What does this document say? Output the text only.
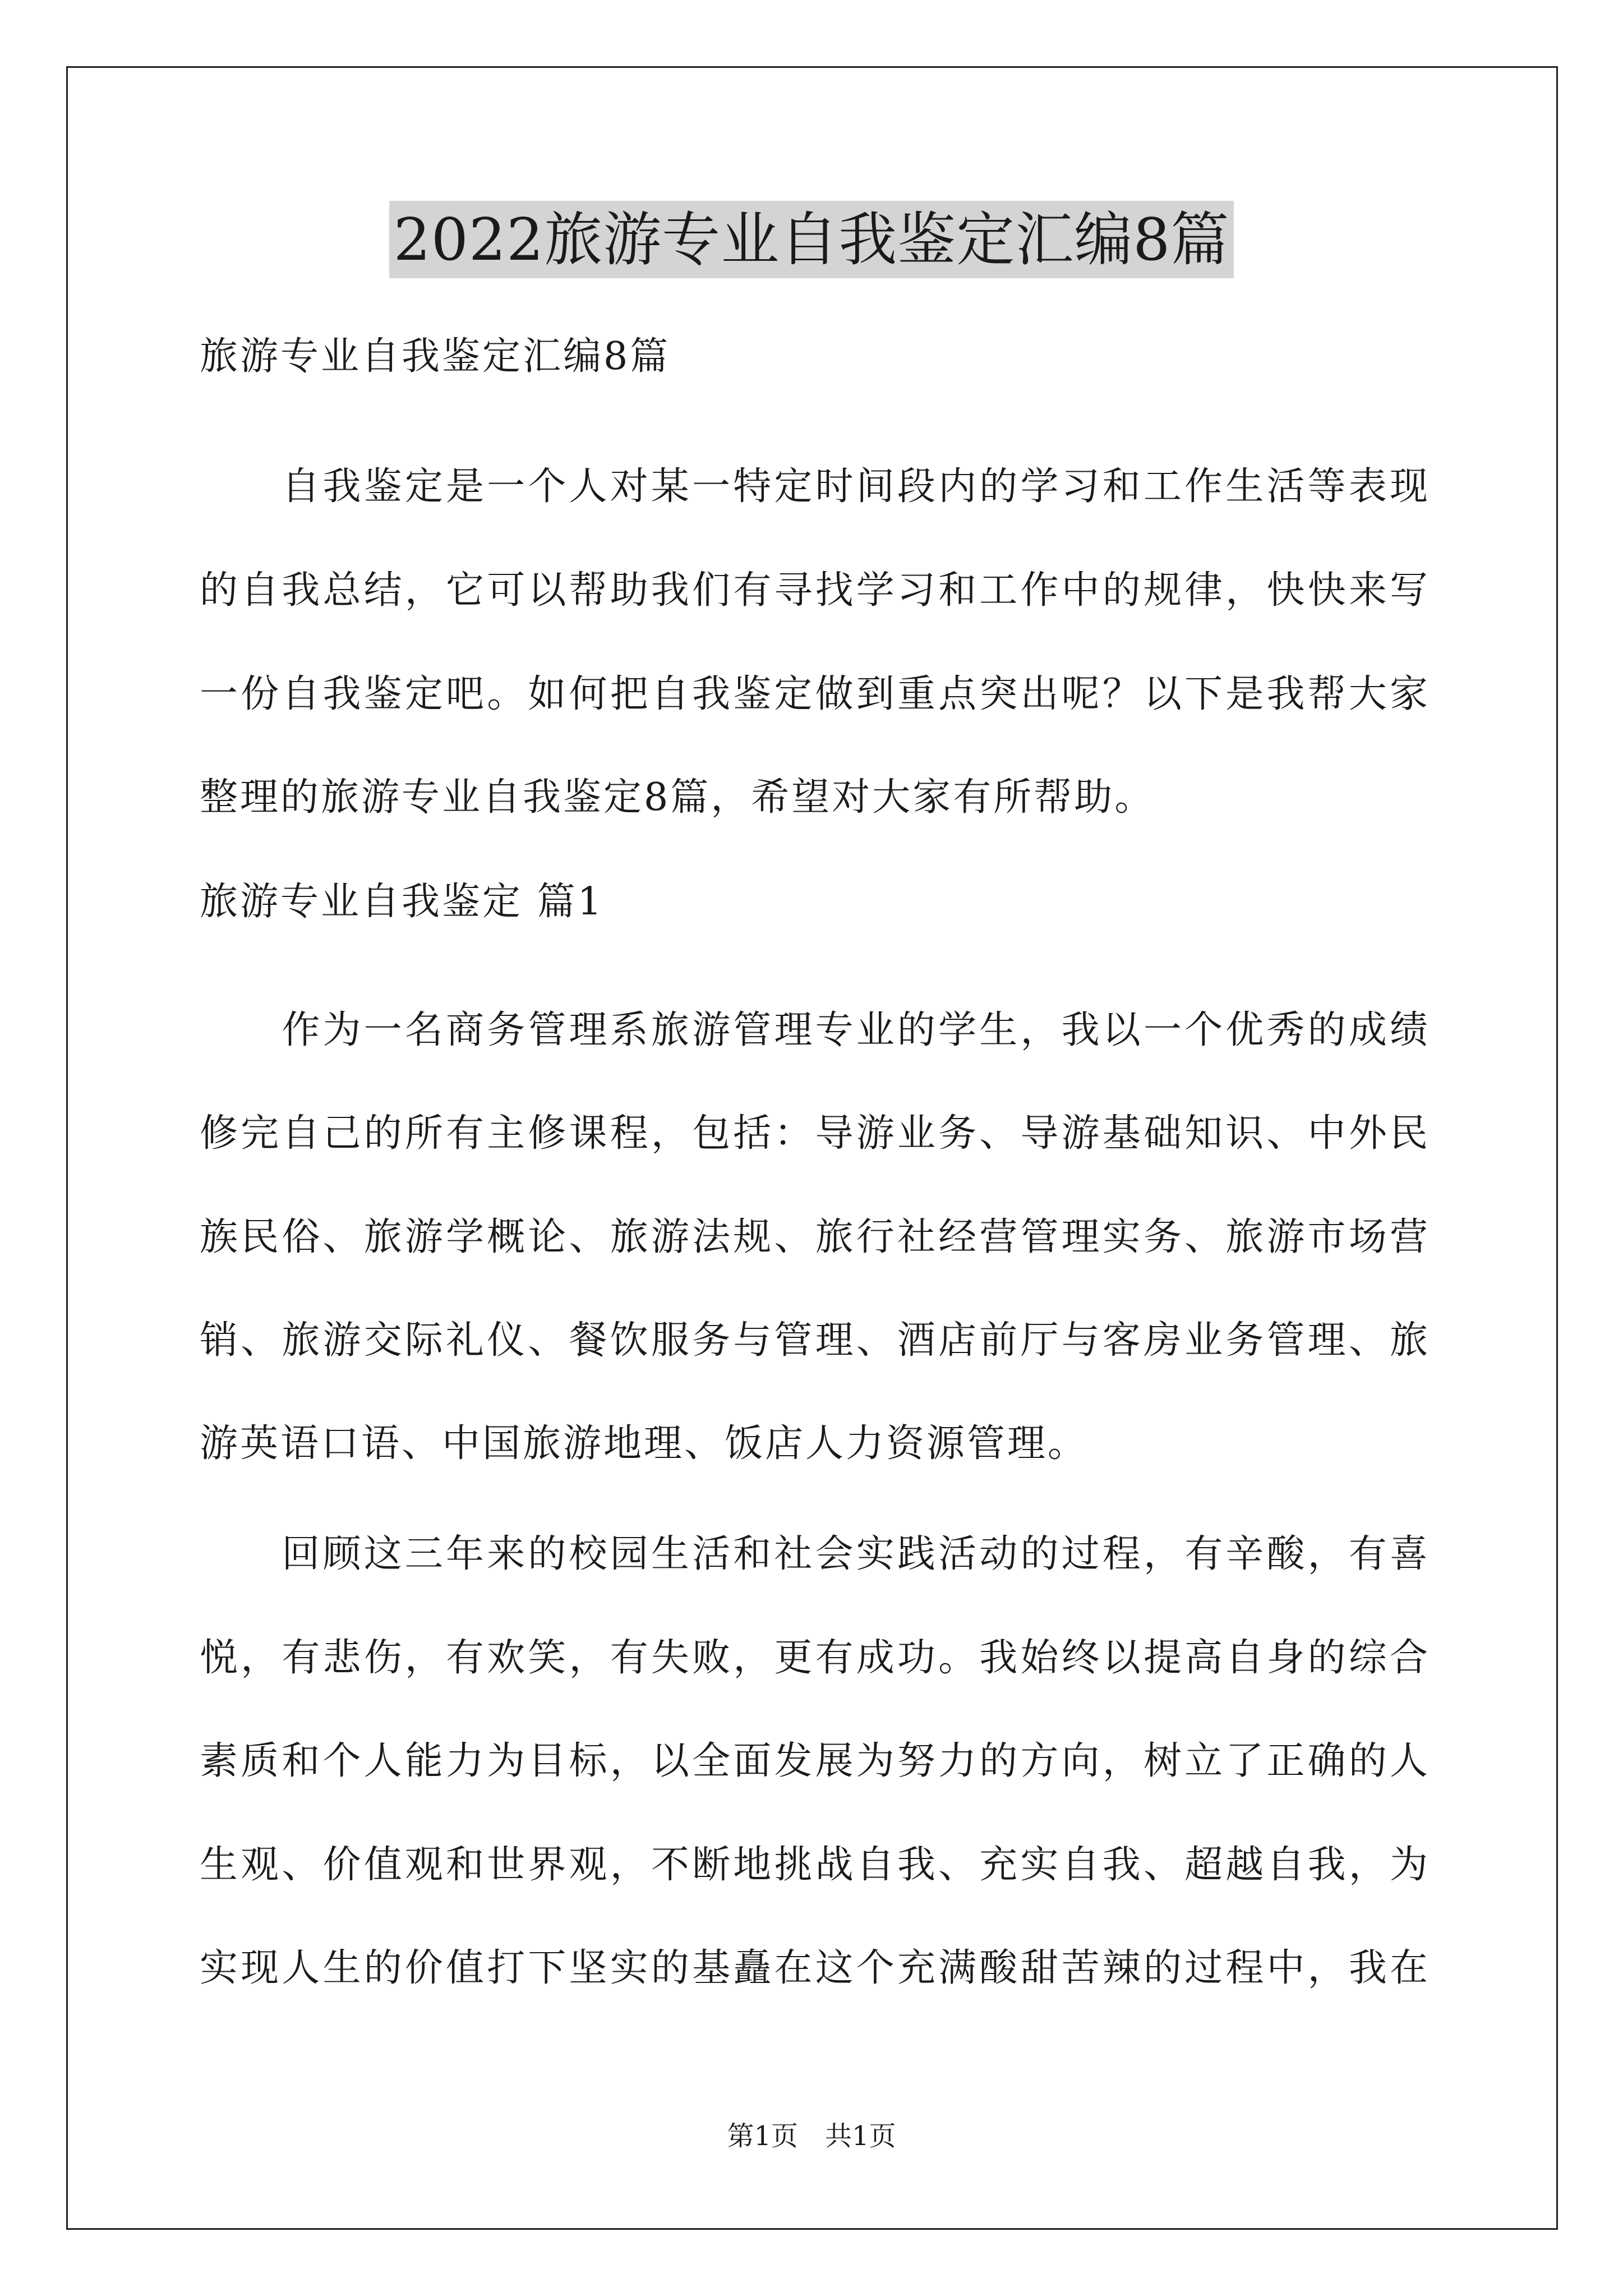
2022旅游专业自我鉴定汇编8篇
旅游专业自我鉴定汇编8篇
　　自我鉴定是一个人对某一特定时间段内的学习和工作生活等表现
的自我总结，它可以帮助我们有寻找学习和工作中的规律，快快来写
一份自我鉴定吧。如何把自我鉴定做到重点突出呢？以下是我帮大家
整理的旅游专业自我鉴定8篇，希望对大家有所帮助。
旅游专业自我鉴定 篇1
　　作为一名商务管理系旅游管理专业的学生，我以一个优秀的成绩
修完自己的所有主修课程，包括：导游业务、导游基础知识、中外民
族民俗、旅游学概论、旅游法规、旅行社经营管理实务、旅游市场营
销、旅游交际礼仪、餐饮服务与管理、酒店前厅与客房业务管理、旅
游英语口语、中国旅游地理、饭店人力资源管理。
　　回顾这三年来的校园生活和社会实践活动的过程，有辛酸，有喜
悦，有悲伤，有欢笑，有失败，更有成功。我始终以提高自身的综合
素质和个人能力为目标，以全面发展为努力的方向，树立了正确的人
生观、价值观和世界观，不断地挑战自我、充实自我、超越自我，为
实现人生的价值打下坚实的基矗在这个充满酸甜苦辣的过程中，我在
第1页　共1页
